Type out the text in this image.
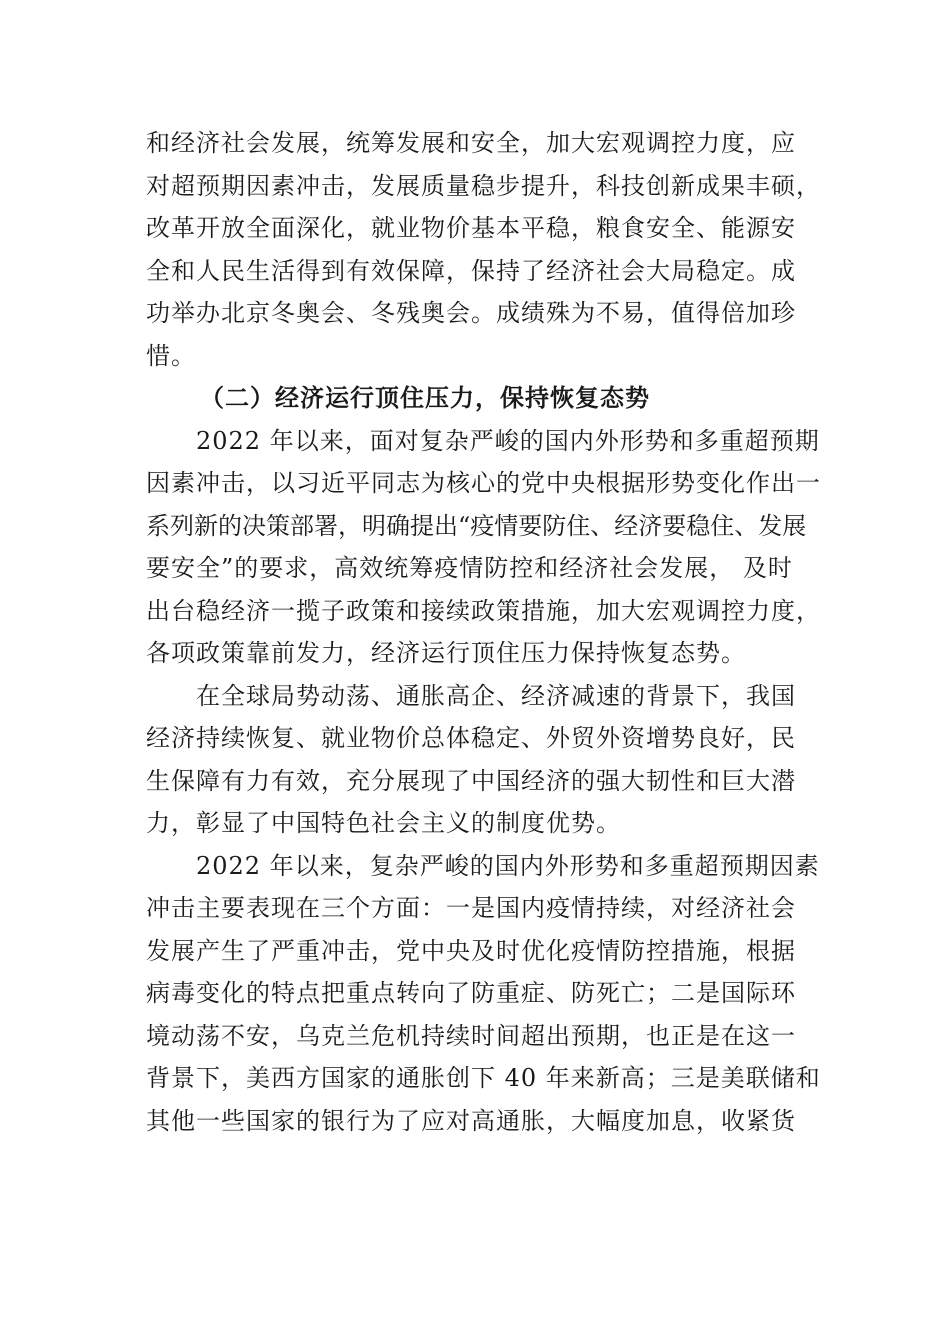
和经济社会发展，统筹发展和安全，加大宏观调控力度，应
对超预期因素冲击，发展质量稳步提升，科技创新成果丰硕，
改革开放全面深化，就业物价基本平稳，粮食安全、能源安
全和人民生活得到有效保障，保持了经济社会大局稳定。成
功举办北京冬奥会、冬残奥会。成绩殊为不易，值得倍加珍
惜。
（二）经济运行顶住压力，保持恢复态势
2022 年以来，面对复杂严峻的国内外形势和多重超预期
因素冲击，以习近平同志为核心的党中央根据形势变化作出一
系列新的决策部署，明确提出“疫情要防住、经济要稳住、发展
要安全”的要求，高效统筹疫情防控和经济社会发展， 及时
出台稳经济一揽子政策和接续政策措施，加大宏观调控力度，
各项政策靠前发力，经济运行顶住压力保持恢复态势。
在全球局势动荡、通胀高企、经济减速的背景下，我国
经济持续恢复、就业物价总体稳定、外贸外资增势良好，民
生保障有力有效，充分展现了中国经济的强大韧性和巨大潜
力，彰显了中国特色社会主义的制度优势。
2022 年以来，复杂严峻的国内外形势和多重超预期因素
冲击主要表现在三个方面：一是国内疫情持续，对经济社会
发展产生了严重冲击，党中央及时优化疫情防控措施，根据
病毒变化的特点把重点转向了防重症、防死亡；二是国际环
境动荡不安，乌克兰危机持续时间超出预期，也正是在这一
背景下，美西方国家的通胀创下 40 年来新高；三是美联储和
其他一些国家的银行为了应对高通胀，大幅度加息，收紧货
